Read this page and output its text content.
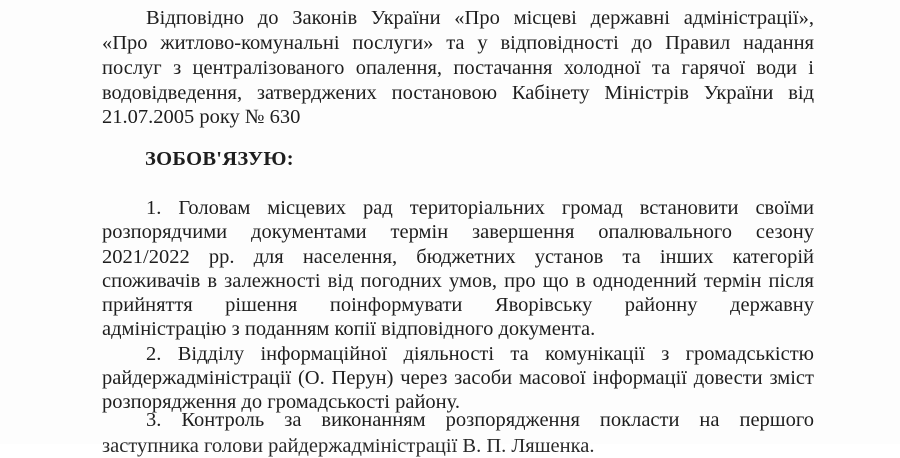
Відповідно до Законів України «Про місцеві державні адміністрації»,
«Про житлово-комунальні послуги» та у відповідності до Правил надання
послуг з централізованого опалення, постачання холодної та гарячої води і
водовідведення, затверджених постановою Кабінету Міністрів України від
21.07.2005 року № 630
ЗОБОВ'ЯЗУЮ:
1. Головам місцевих рад територіальних громад встановити своїми
розпорядчими документами термін завершення опалювального сезону
2021/2022 рр. для населення, бюджетних установ та інших категорій
споживачів в залежності від погодних умов, про що в одноденний термін після
прийняття рішення поінформувати Яворівську районну державну
адміністрацію з поданням копії відповідного документа.
2. Відділу інформаційної діяльності та комунікації з громадськістю
райдержадміністрації (О. Перун) через засоби масової інформації довести зміст
розпорядження до громадськості району.
3. Контроль за виконанням розпорядження покласти на першого
заступника голови райдержадміністрації В. П. Ляшенка.
